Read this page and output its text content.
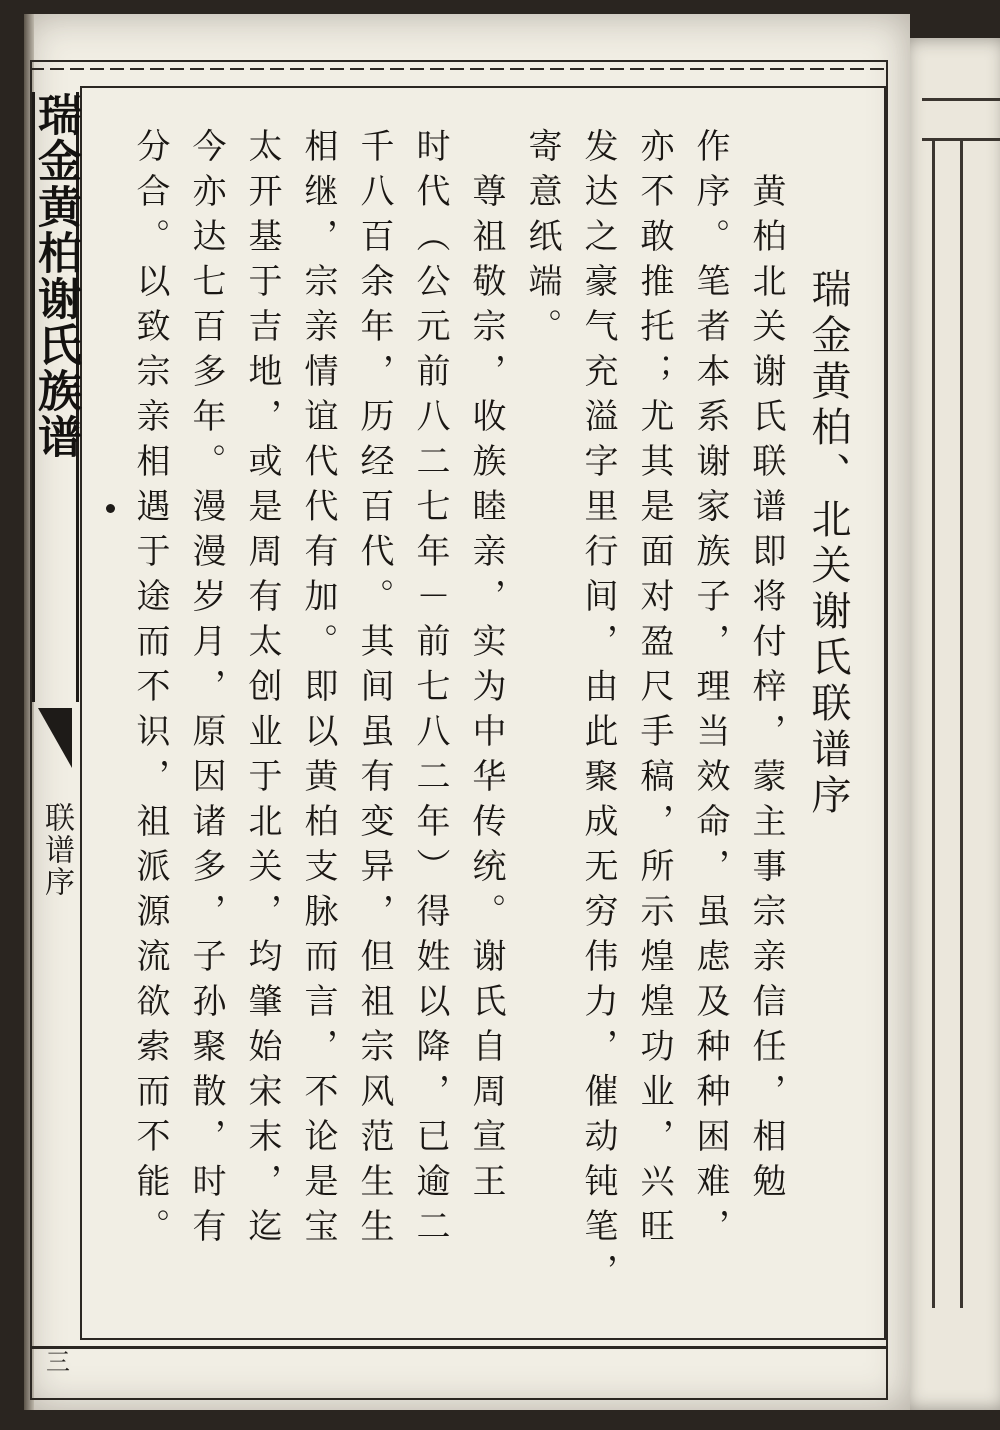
瑞金黄柏谢氏族谱
联谱序
三
瑞金黄柏、北关谢氏联谱序
　黄柏北关谢氏联谱即将付梓，蒙主事宗亲信任，相勉
作序。笔者本系谢家族子，理当效命，虽虑及种种困难，
亦不敢推托；尤其是面对盈尺手稿，所示煌煌功业，兴旺
发达之豪气充溢字里行间，由此聚成无穷伟力，催动钝笔，
寄意纸端。
　尊祖敬宗，收族睦亲，实为中华传统。谢氏自周宣王
时代（公元前八二七年－前七八二年）得姓以降，已逾二
千八百余年，历经百代。其间虽有变异，但祖宗风范生生
相继，宗亲情谊代代有加。即以黄柏支脉而言，不论是宝
太开基于吉地，或是周有太创业于北关，均肇始宋末，迄
今亦达七百多年。漫漫岁月，原因诸多，子孙聚散，时有
分合。以致宗亲相遇于途而不识，祖派源流欲索而不能。
